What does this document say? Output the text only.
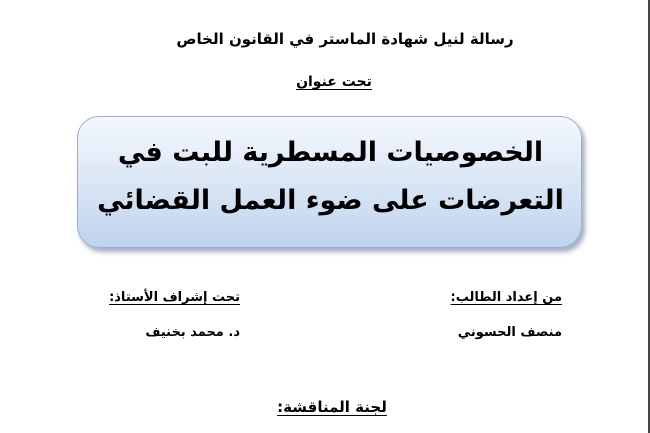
رسالة لنيل شهادة الماستر في القانون الخاص
تحت عنوان
الخصوصيات المسطرية للبت في
التعرضات على ضوء العمل القضائي
من إعداد الطالب:
تحت إشراف الأستاذ:
منصف الحسوني
د. محمد بخنيف
لجنة المناقشة:
